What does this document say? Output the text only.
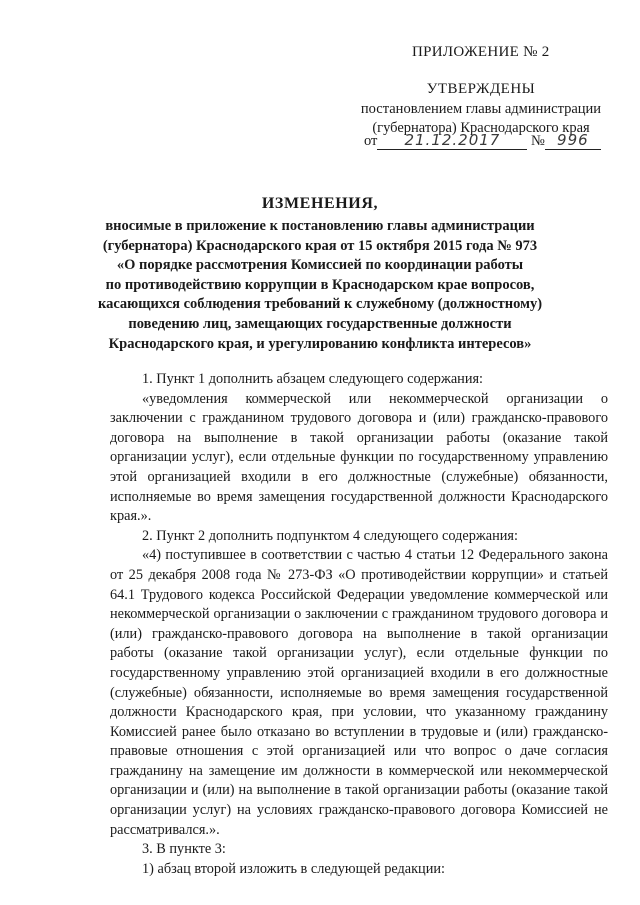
ПРИЛОЖЕНИЕ № 2
УТВЕРЖДЕНЫ
постановлением главы администрации
(губернатора) Краснодарского края
от 21.12.2017 № 996
ИЗМЕНЕНИЯ,
вносимые в приложение к постановлению главы администрации
(губернатора) Краснодарского края от 15 октября 2015 года № 973
«О порядке рассмотрения Комиссией по координации работы
по противодействию коррупции в Краснодарском крае вопросов,
касающихся соблюдения требований к служебному (должностному)
поведению лиц, замещающих государственные должности
Краснодарского края, и урегулированию конфликта интересов»

1. Пункт 1 дополнить абзацем следующего содержания:

«уведомления коммерческой или некоммерческой организации о заключении с гражданином трудового договора и (или) гражданско-правового договора на выполнение в такой организации работы (оказание такой организации услуг), если отдельные функции по государственному управлению этой организацией входили в его должностные (служебные) обязанности, исполняемые во время замещения государственной должности Краснодарского края.».

2. Пункт 2 дополнить подпунктом 4 следующего содержания:

«4) поступившее в соответствии с частью 4 статьи 12 Федерального закона от 25 декабря 2008 года № 273-ФЗ «О противодействии коррупции» и статьей 64.1 Трудового кодекса Российской Федерации уведомление коммерческой или некоммерческой организации о заключении с гражданином трудового договора и (или) гражданско-правового договора на выполнение в такой организации работы (оказание такой организации услуг), если отдельные функции по государственному управлению этой организацией входили в его должностные (служебные) обязанности, исполняемые во время замещения государственной должности Краснодарского края, при условии, что указанному гражданину Комиссией ранее было отказано во вступлении в трудовые и (или) гражданско-правовые отношения с этой организацией или что вопрос о даче согласия гражданину на замещение им должности в коммерческой или некоммерческой организации и (или) на выполнение в такой организации работы (оказание такой организации услуг) на условиях гражданско-правового договора Комиссией не рассматривался.».

3. В пункте 3:

1) абзац второй изложить в следующей редакции:
